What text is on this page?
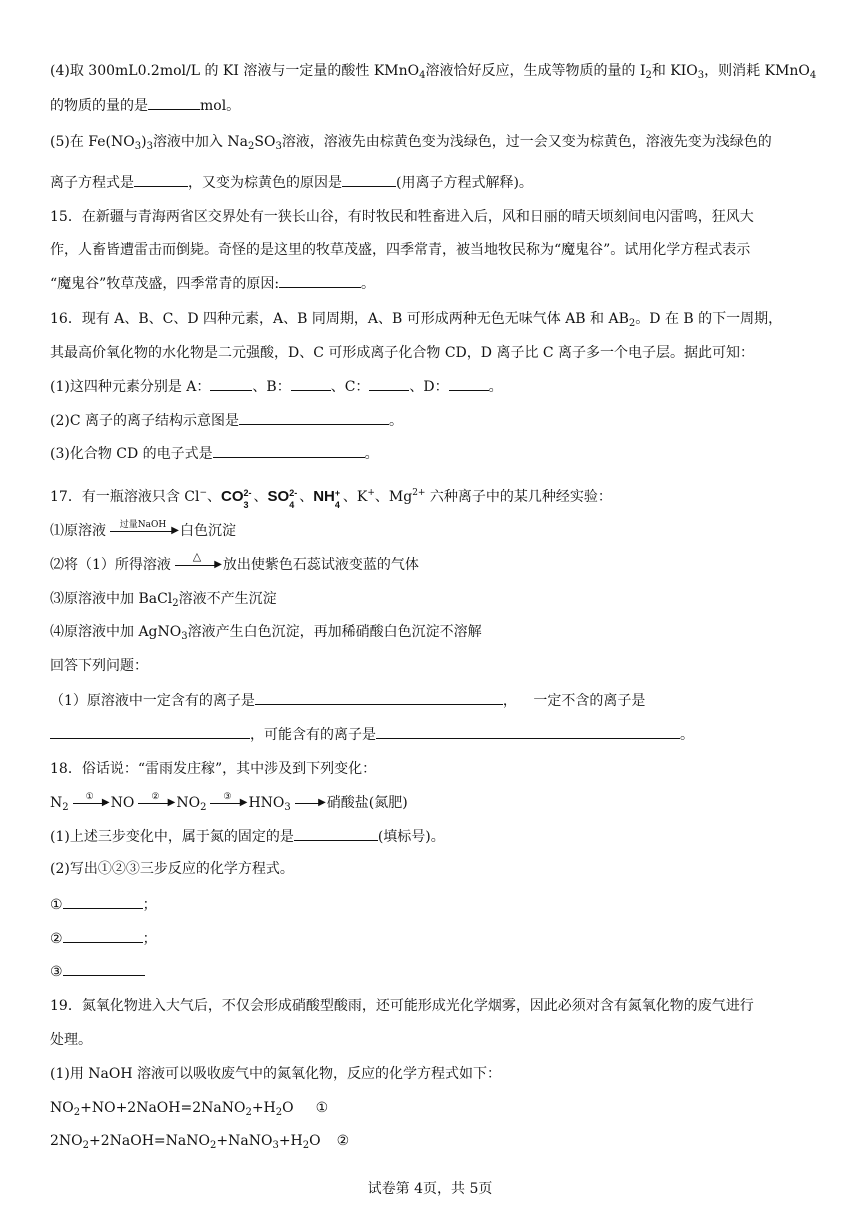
(4)取 300mL0.2mol/L 的 KI 溶液与一定量的酸性 KMnO$_4$溶液恰好反应，生成等物质的量的 $I_2$和 $KIO_3$，则消耗 KMnO$_4$
的物质的量的是	mol。
(5)在 $Fe(NO_3)_3$溶液中加入 $Na_2SO_3$溶液，溶液先由棕黄色变为浅绿色，过一会又变为棕黄色，溶液先变为浅绿色的
离子方程式是	，又变为棕黄色的原因是	(用离子方程式解释)。
15．在新疆与青海两省区交界处有一狭长山谷，有时牧民和牲畜进入后，风和日丽的晴天顷刻间电闪雷鸣，狂风大
作，人畜皆遭雷击而倒毙。奇怪的是这里的牧草茂盛，四季常青，被当地牧民称为“魔鬼谷”。试用化学方程式表示
“魔鬼谷”牧草茂盛，四季常青的原因:	。
16．现有 A、B、C、D 四种元素，A、B 同周期，A、B 可形成两种无色无味气体 AB 和 $AB_2$。D 在 B 的下一周期，
其最高价氧化物的水化物是二元强酸，D、C 可形成离子化合物 CD，D 离子比 C 离子多一个电子层。据此可知：
(1)这四种元素分别是 A：	、B：	、C：	、D：	。
(2)C 离子的离子结构示意图是	。
(3)化合物 CD 的电子式是	。
17．有一瓶溶液只含 Cl−、CO 2-
3 、SO 2-
4 、NH +
4 、K+、$Mg^{2+}$ 六种离子中的某几种经实验：
⑴原溶液	过量NaOH ▶ 白色沉淀
⑵将（1）所得溶液
△
▶ 放出使紫色石蕊试液变蓝的气体
⑶原溶液中加 BaCl$_2$溶液不产生沉淀
⑷原溶液中加 AgNO$_3$溶液产生白色沉淀，再加稀硝酸白色沉淀不溶解
回答下列问题：
（1）原溶液中一定含有的离子是	， 一定不含的离子是
，可能含有的离子是	。
18．俗话说：“雷雨发庄稼”，其中涉及到下列变化：
$N_2$
① ▶ NO	② ▶ $NO_2$
③ ▶ $HNO_3$	▶ 硝酸盐(氮肥)
(1)上述三步变化中，属于氮的固定的是	(填标号)。
(2)写出①②③三步反应的化学方程式。
①	；
②	；
③
19．氮氧化物进入大气后，不仅会形成硝酸型酸雨，还可能形成光化学烟雾，因此必须对含有氮氧化物的废气进行
处理。
(1)用 NaOH 溶液可以吸收废气中的氮氧化物，反应的化学方程式如下：
$NO_2+NO+2NaOH=2NaNO_2+H_2O$ ①
$2NO_2+2NaOH=NaNO_2+NaNO_3+H_2O$ ②
试卷第 4页，共 5页
